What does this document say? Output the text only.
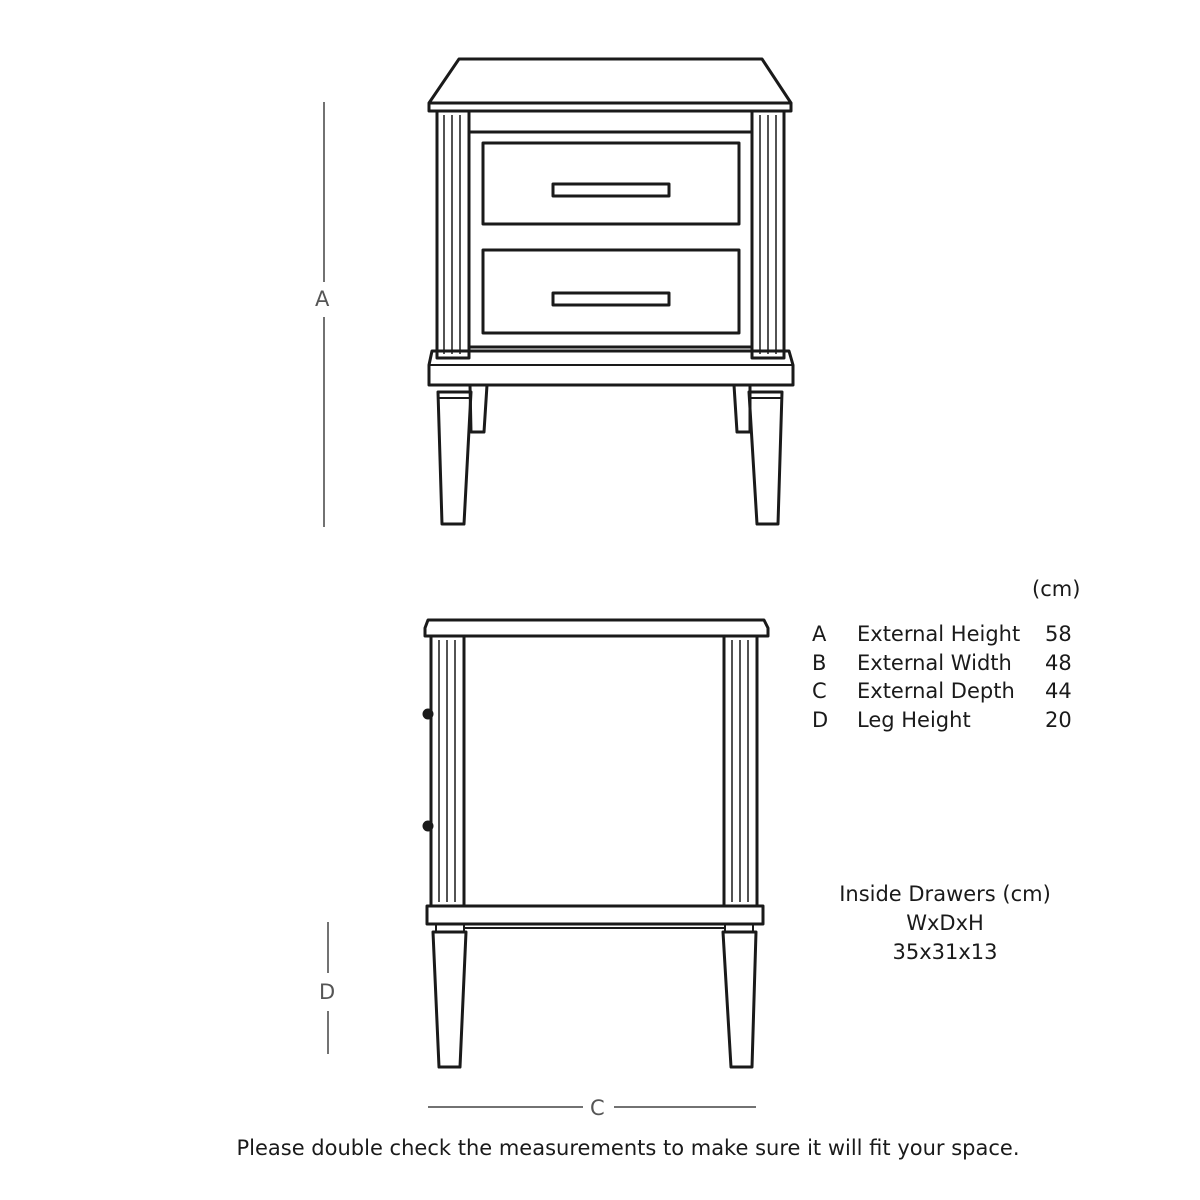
A
D
C
(cm)
A	External Height	58
B	External Width	48
C	External Depth	44
D	Leg Height	20
Inside Drawers (cm)
WxDxH
35x31x13
Please double check the measurements to make sure it will fit your space.
